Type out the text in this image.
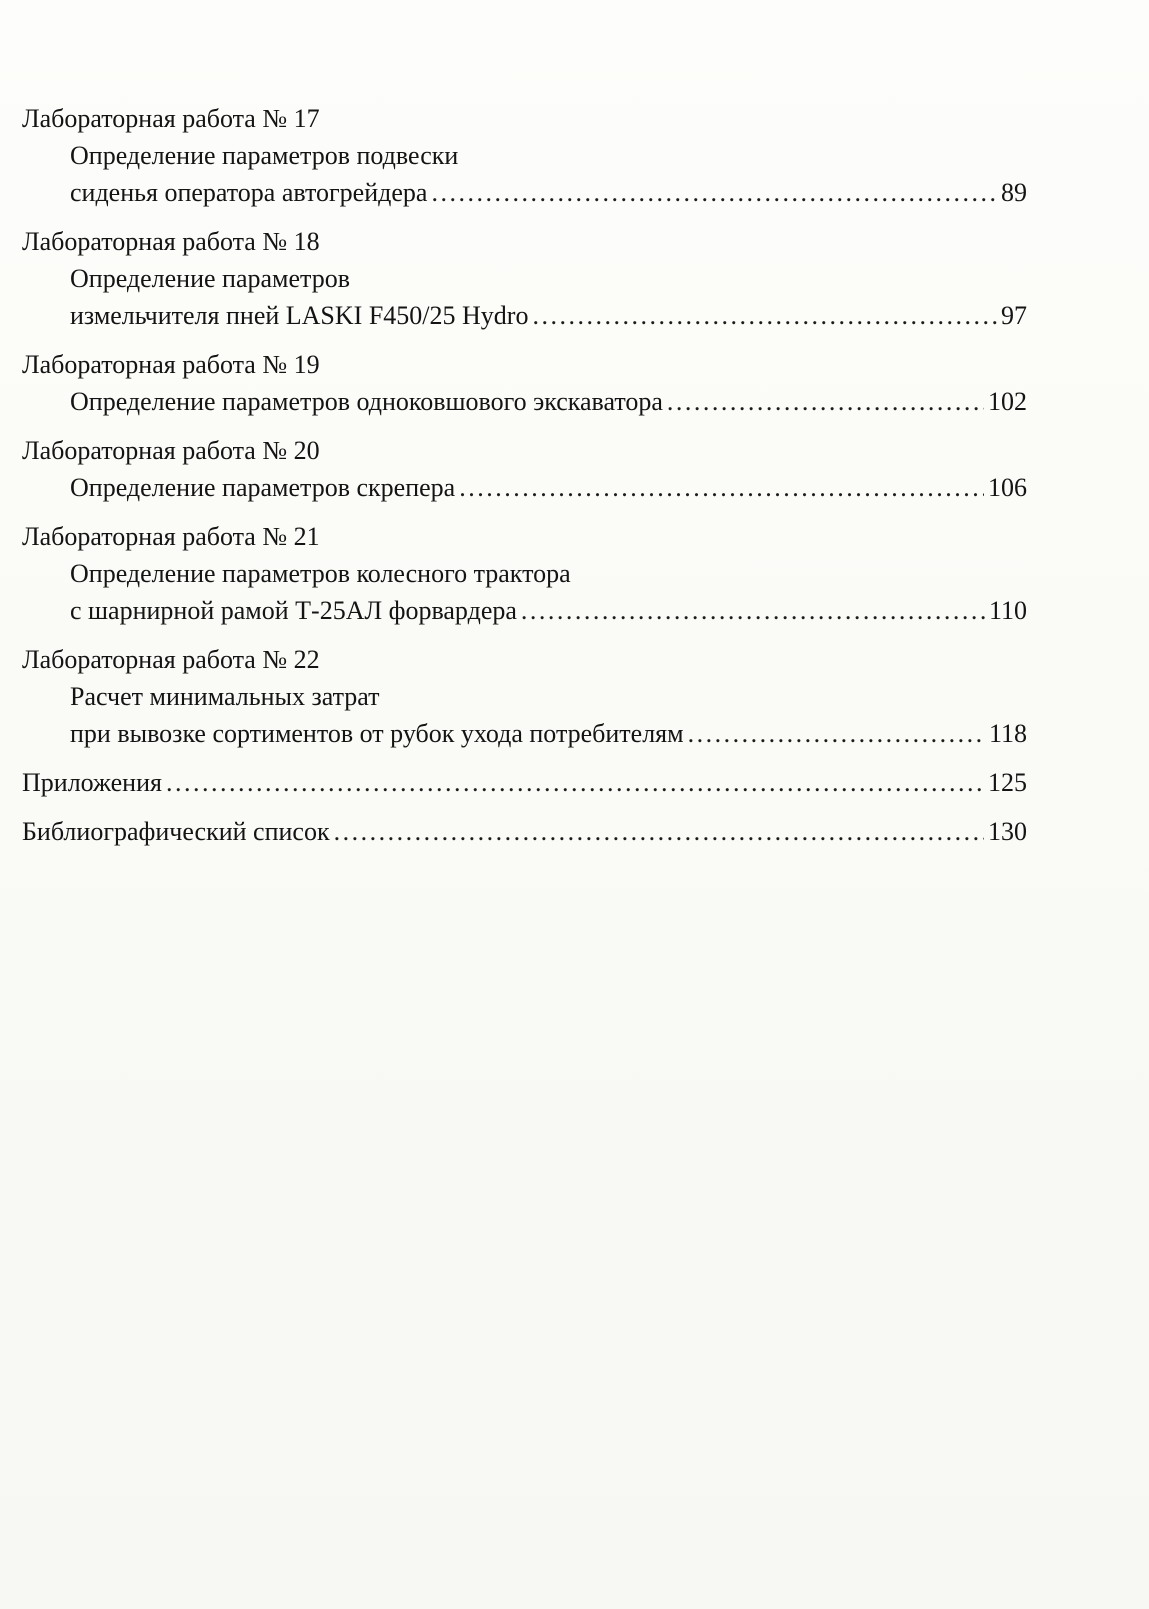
Лабораторная работа № 17
Определение параметров подвески
сиденья оператора автогрейдера . . .	89
Лабораторная работа № 18
Определение параметров
измельчителя пней LASKI F450/25 Hydro . . .	97
Лабораторная работа № 19
Определение параметров одноковшового экскаватора . . .	102
Лабораторная работа № 20
Определение параметров скрепера . . .	106
Лабораторная работа № 21
Определение параметров колесного трактора
с шарнирной рамой Т-25АЛ форвардера . . .	110
Лабораторная работа № 22
Расчет минимальных затрат
при вывозке сортиментов от рубок ухода потребителям . . .	118
Приложения . . .	125
Библиографический список . . .	130
